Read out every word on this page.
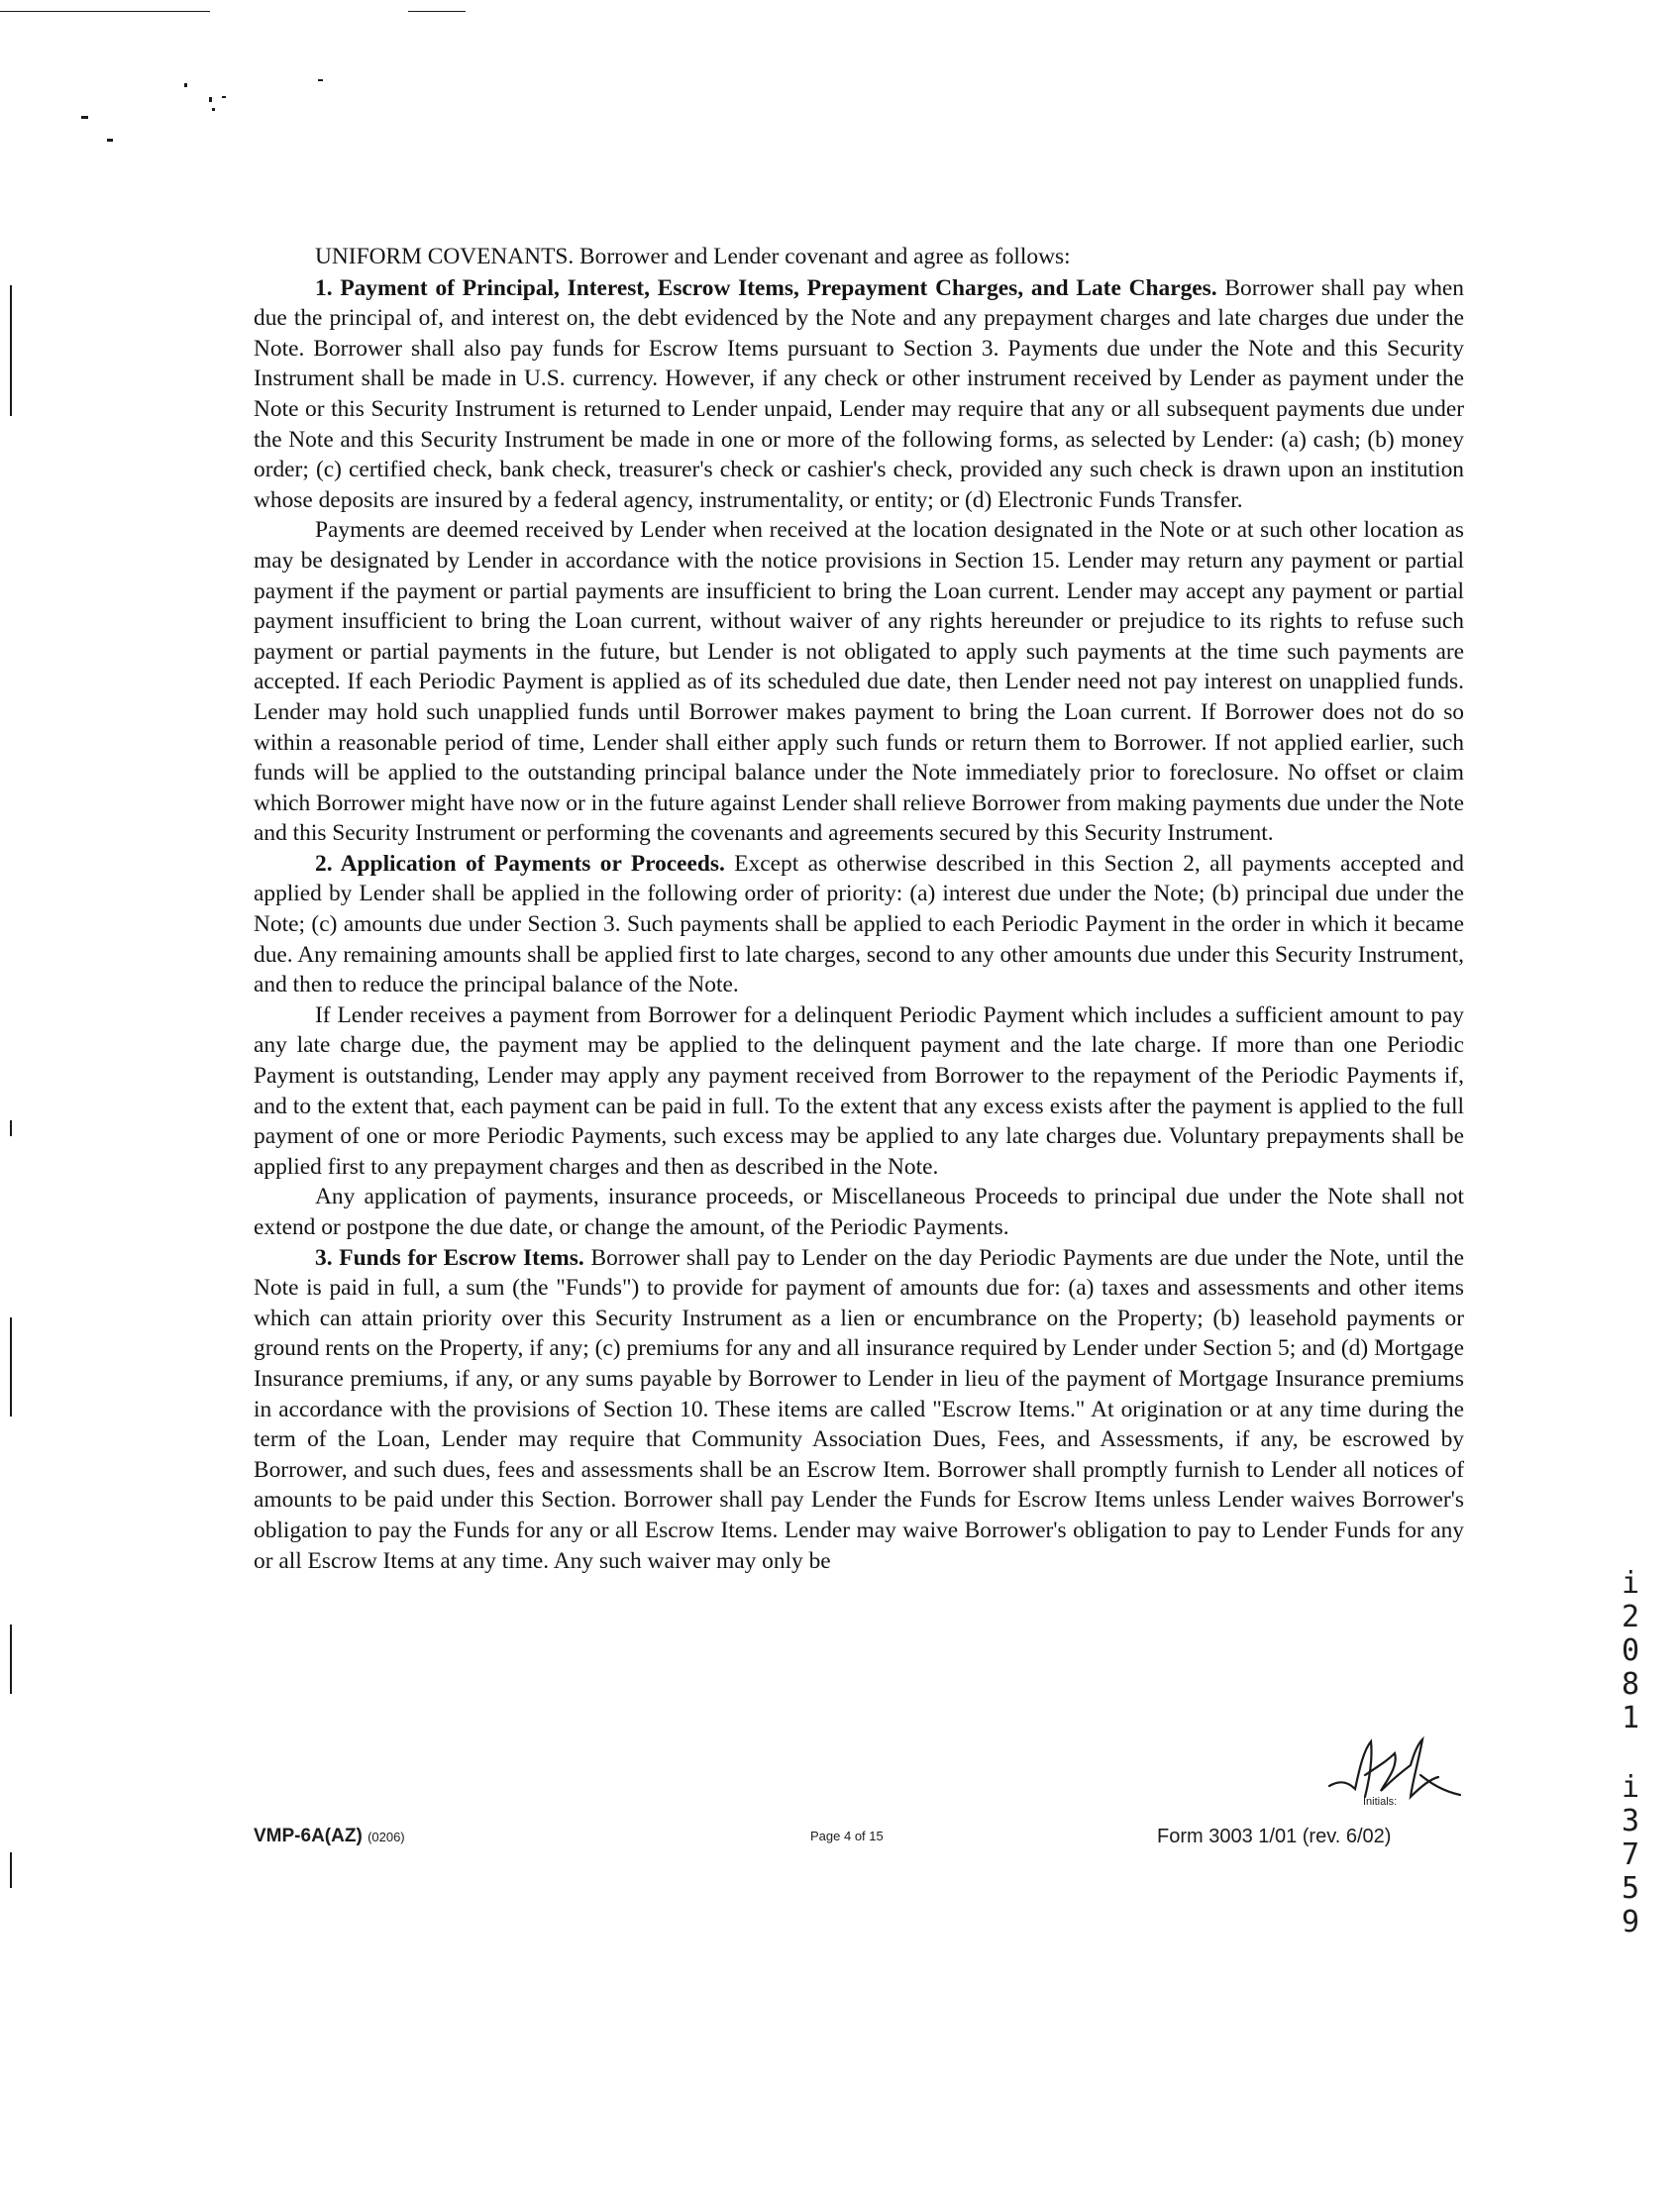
UNIFORM COVENANTS. Borrower and Lender covenant and agree as follows:

1. Payment of Principal, Interest, Escrow Items, Prepayment Charges, and Late Charges. Borrower shall pay when due the principal of, and interest on, the debt evidenced by the Note and any prepayment charges and late charges due under the Note. Borrower shall also pay funds for Escrow Items pursuant to Section 3. Payments due under the Note and this Security Instrument shall be made in U.S. currency. However, if any check or other instrument received by Lender as payment under the Note or this Security Instrument is returned to Lender unpaid, Lender may require that any or all subsequent payments due under the Note and this Security Instrument be made in one or more of the following forms, as selected by Lender: (a) cash; (b) money order; (c) certified check, bank check, treasurer's check or cashier's check, provided any such check is drawn upon an institution whose deposits are insured by a federal agency, instrumentality, or entity; or (d) Electronic Funds Transfer.

Payments are deemed received by Lender when received at the location designated in the Note or at such other location as may be designated by Lender in accordance with the notice provisions in Section 15. Lender may return any payment or partial payment if the payment or partial payments are insufficient to bring the Loan current. Lender may accept any payment or partial payment insufficient to bring the Loan current, without waiver of any rights hereunder or prejudice to its rights to refuse such payment or partial payments in the future, but Lender is not obligated to apply such payments at the time such payments are accepted. If each Periodic Payment is applied as of its scheduled due date, then Lender need not pay interest on unapplied funds. Lender may hold such unapplied funds until Borrower makes payment to bring the Loan current. If Borrower does not do so within a reasonable period of time, Lender shall either apply such funds or return them to Borrower. If not applied earlier, such funds will be applied to the outstanding principal balance under the Note immediately prior to foreclosure. No offset or claim which Borrower might have now or in the future against Lender shall relieve Borrower from making payments due under the Note and this Security Instrument or performing the covenants and agreements secured by this Security Instrument.

2. Application of Payments or Proceeds. Except as otherwise described in this Section 2, all payments accepted and applied by Lender shall be applied in the following order of priority: (a) interest due under the Note; (b) principal due under the Note; (c) amounts due under Section 3. Such payments shall be applied to each Periodic Payment in the order in which it became due. Any remaining amounts shall be applied first to late charges, second to any other amounts due under this Security Instrument, and then to reduce the principal balance of the Note.

If Lender receives a payment from Borrower for a delinquent Periodic Payment which includes a sufficient amount to pay any late charge due, the payment may be applied to the delinquent payment and the late charge. If more than one Periodic Payment is outstanding, Lender may apply any payment received from Borrower to the repayment of the Periodic Payments if, and to the extent that, each payment can be paid in full. To the extent that any excess exists after the payment is applied to the full payment of one or more Periodic Payments, such excess may be applied to any late charges due. Voluntary prepayments shall be applied first to any prepayment charges and then as described in the Note.

Any application of payments, insurance proceeds, or Miscellaneous Proceeds to principal due under the Note shall not extend or postpone the due date, or change the amount, of the Periodic Payments.

3. Funds for Escrow Items. Borrower shall pay to Lender on the day Periodic Payments are due under the Note, until the Note is paid in full, a sum (the "Funds") to provide for payment of amounts due for: (a) taxes and assessments and other items which can attain priority over this Security Instrument as a lien or encumbrance on the Property; (b) leasehold payments or ground rents on the Property, if any; (c) premiums for any and all insurance required by Lender under Section 5; and (d) Mortgage Insurance premiums, if any, or any sums payable by Borrower to Lender in lieu of the payment of Mortgage Insurance premiums in accordance with the provisions of Section 10. These items are called "Escrow Items." At origination or at any time during the term of the Loan, Lender may require that Community Association Dues, Fees, and Assessments, if any, be escrowed by Borrower, and such dues, fees and assessments shall be an Escrow Item. Borrower shall promptly furnish to Lender all notices of amounts to be paid under this Section. Borrower shall pay Lender the Funds for Escrow Items unless Lender waives Borrower's obligation to pay the Funds for any or all Escrow Items. Lender may waive Borrower's obligation to pay to Lender Funds for any or all Escrow Items at any time. Any such waiver may only be

i
2
0
8
1
i
3
7
5
9
Initials:
VMP-6A(AZ) (0206)	Page 4 of 15	Form 3003 1/01 (rev. 6/02)
